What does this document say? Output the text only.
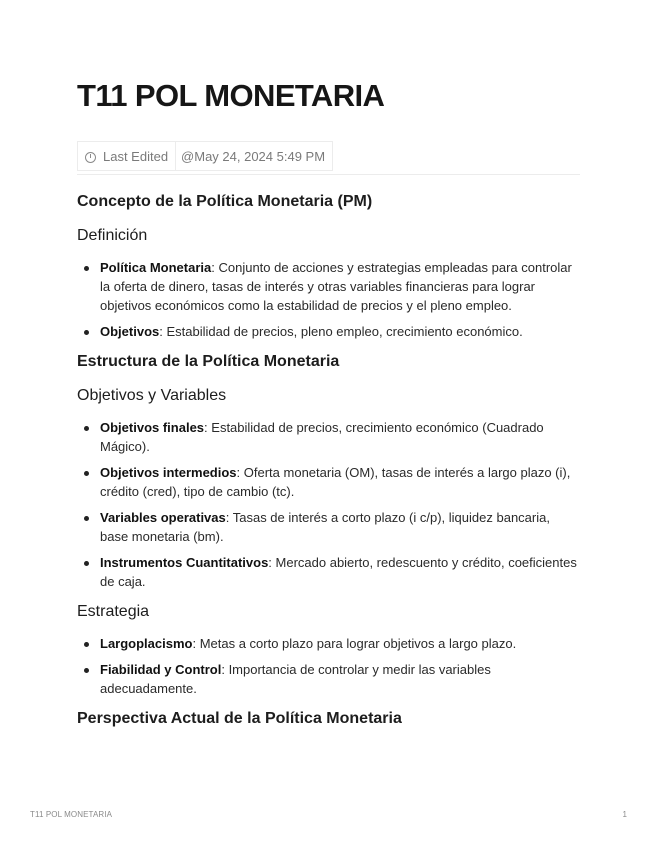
T11 POL MONETARIA
Last Edited	@May 24, 2024 5:49 PM
Concepto de la Política Monetaria (PM)
Definición
Política Monetaria: Conjunto de acciones y estrategias empleadas para controlar la oferta de dinero, tasas de interés y otras variables financieras para lograr objetivos económicos como la estabilidad de precios y el pleno empleo.
Objetivos: Estabilidad de precios, pleno empleo, crecimiento económico.
Estructura de la Política Monetaria
Objetivos y Variables
Objetivos finales: Estabilidad de precios, crecimiento económico (Cuadrado Mágico).
Objetivos intermedios: Oferta monetaria (OM), tasas de interés a largo plazo (i), crédito (cred), tipo de cambio (tc).
Variables operativas: Tasas de interés a corto plazo (i c/p), liquidez bancaria, base monetaria (bm).
Instrumentos Cuantitativos: Mercado abierto, redescuento y crédito, coeficientes de caja.
Estrategia
Largoplacismo: Metas a corto plazo para lograr objetivos a largo plazo.
Fiabilidad y Control: Importancia de controlar y medir las variables adecuadamente.
Perspectiva Actual de la Política Monetaria
T11 POL MONETARIA	1
